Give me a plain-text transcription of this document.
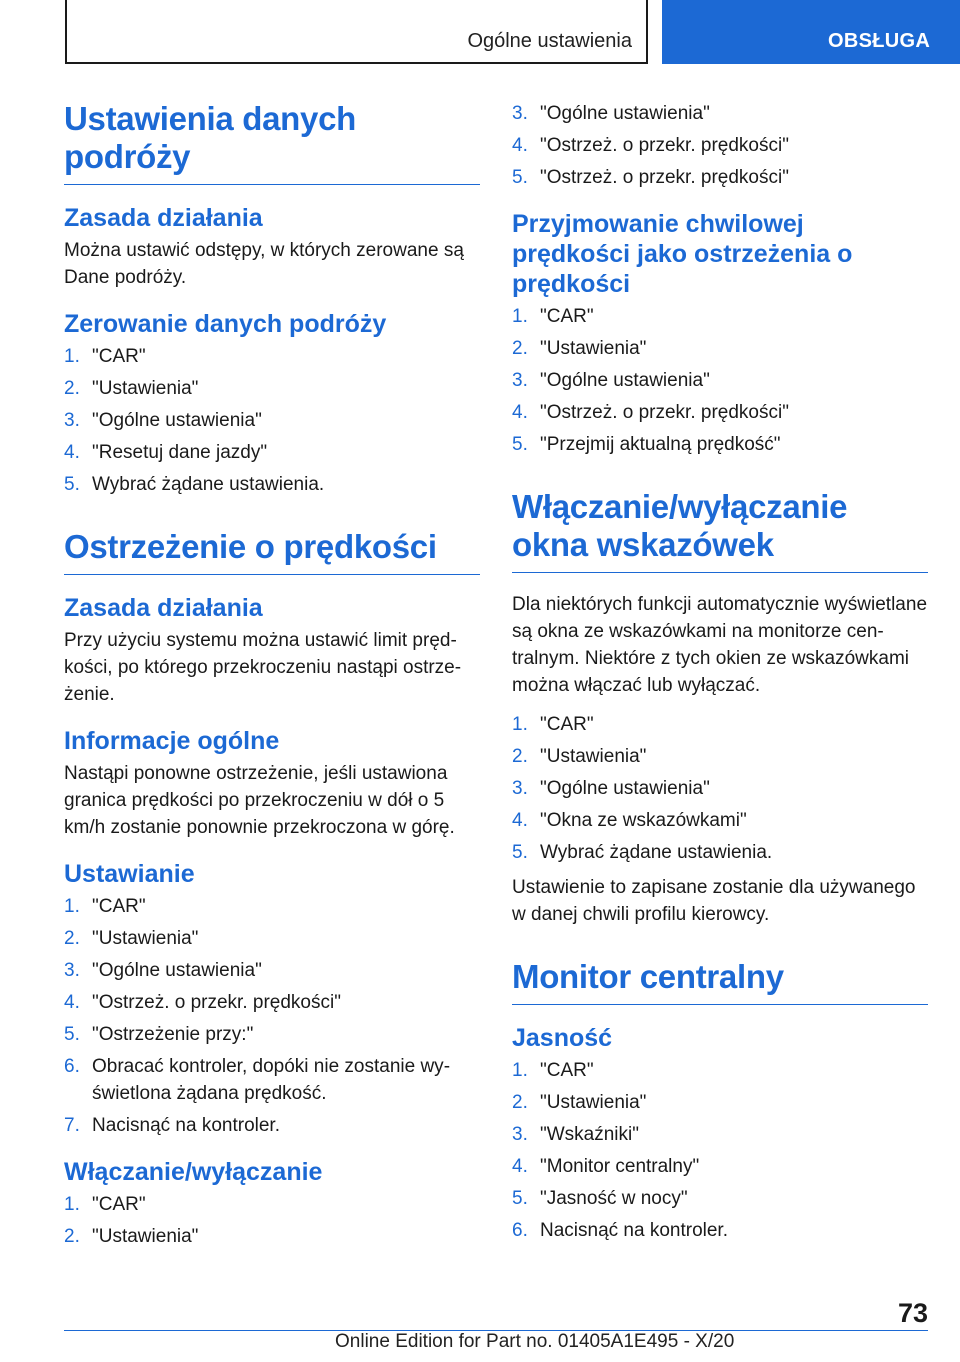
Ogólne ustawienia	OBSŁUGA
Ustawienia danych podróży
Zasada działania

Można ustawić odstępy, w których zerowane są Dane podróży.

Zerowanie danych podróży
1. "CAR"
2. "Ustawienia"
3. "Ogólne ustawienia"
4. "Resetuj dane jazdy"
5. Wybrać żądane ustawienia.
Ostrzeżenie o prędkości
Zasada działania

Przy użyciu systemu można ustawić limit prędkości, po którego przekroczeniu nastąpi ostrzeżenie.

Informacje ogólne

Nastąpi ponowne ostrzeżenie, jeśli ustawiona granica prędkości po przekroczeniu w dół o 5 km/h zostanie ponownie przekroczona w górę.

Ustawianie
1. "CAR"
2. "Ustawienia"
3. "Ogólne ustawienia"
4. "Ostrzeż. o przekr. prędkości"
5. "Ostrzeżenie przy:"
6. Obracać kontroler, dopóki nie zostanie wyświetlona żądana prędkość.
7. Nacisnąć na kontroler.
Włączanie/wyłączanie
1. "CAR"
2. "Ustawienia"
3. "Ogólne ustawienia"
4. "Ostrzeż. o przekr. prędkości"
5. "Ostrzeż. o przekr. prędkości"
Przyjmowanie chwilowej prędkości jako ostrzeżenia o prędkości
1. "CAR"
2. "Ustawienia"
3. "Ogólne ustawienia"
4. "Ostrzeż. o przekr. prędkości"
5. "Przejmij aktualną prędkość"
Włączanie/wyłączanie okna wskazówek

Dla niektórych funkcji automatycznie wyświetlane są okna ze wskazówkami na monitorze centralnym. Niektóre z tych okien ze wskazówkami można włączać lub wyłączać.

1. "CAR"
2. "Ustawienia"
3. "Ogólne ustawienia"
4. "Okna ze wskazówkami"
5. Wybrać żądane ustawienia.

Ustawienie to zapisane zostanie dla używanego w danej chwili profilu kierowcy.

Monitor centralny
Jasność
1. "CAR"
2. "Ustawienia"
3. "Wskaźniki"
4. "Monitor centralny"
5. "Jasność w nocy"
6. Nacisnąć na kontroler.
73
Online Edition for Part no. 01405A1E495 - X/20
